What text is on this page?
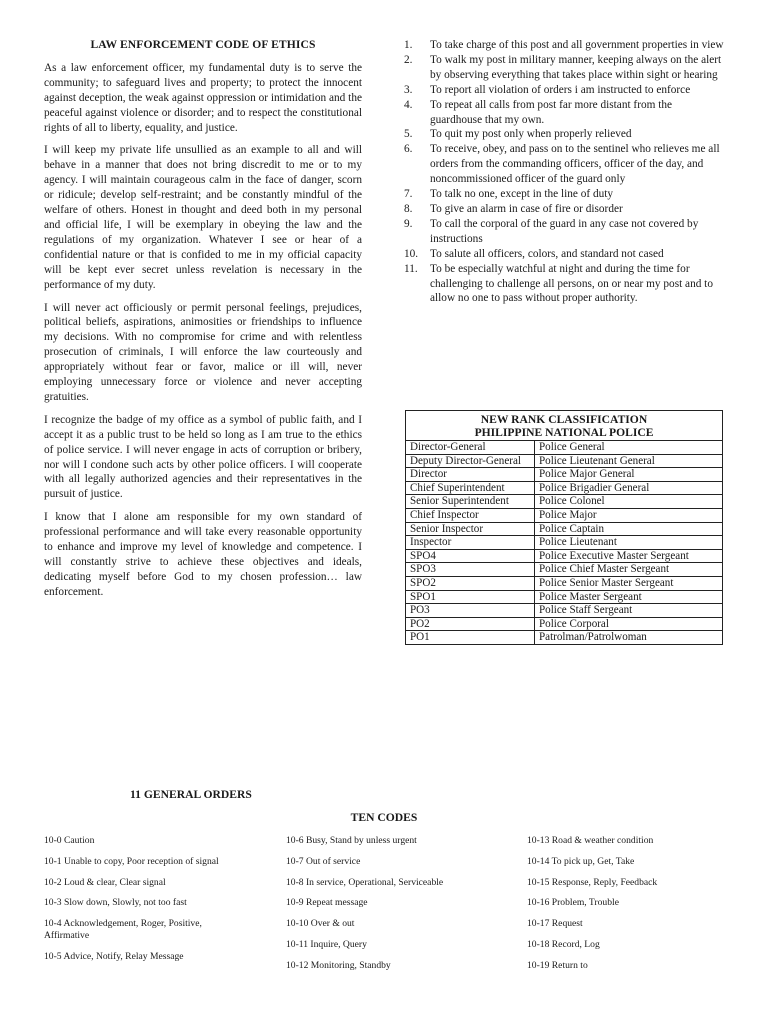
LAW ENFORCEMENT CODE OF ETHICS

As a law enforcement officer, my fundamental duty is to serve the community; to safeguard lives and property; to protect the innocent against deception, the weak against oppression or intimidation and the peaceful against violence or disorder; and to respect the constitutional rights of all to liberty, equality, and justice.

I will keep my private life unsullied as an example to all and will behave in a manner that does not bring discredit to me or to my agency. I will maintain courageous calm in the face of danger, scorn or ridicule; develop self-restraint; and be constantly mindful of the welfare of others. Honest in thought and deed both in my personal and official life, I will be exemplary in obeying the law and the regulations of my organization. Whatever I see or hear of a confidential nature or that is confided to me in my official capacity will be kept ever secret unless revelation is necessary in the performance of my duty.

I will never act officiously or permit personal feelings, prejudices, political beliefs, aspirations, animosities or friendships to influence my decisions. With no compromise for crime and with relentless prosecution of criminals, I will enforce the law courteously and appropriately without fear or favor, malice or ill will, never employing unnecessary force or violence and never accepting gratuities.

I recognize the badge of my office as a symbol of public faith, and I accept it as a public trust to be held so long as I am true to the ethics of police service. I will never engage in acts of corruption or bribery, nor will I condone such acts by other police officers. I will cooperate with all legally authorized agencies and their representatives in the pursuit of justice.

I know that I alone am responsible for my own standard of professional performance and will take every reasonable opportunity to enhance and improve my level of knowledge and competence. I will constantly strive to achieve these objectives and ideals, dedicating myself before God to my chosen profession… law enforcement.

1. To take charge of this post and all government properties in view
2. To walk my post in military manner, keeping always on the alert by observing everything that takes place within sight or hearing
3. To report all violation of orders i am instructed to enforce
4. To repeat all calls from post far more distant from the guardhouse that my own.
5. To quit my post only when properly relieved
6. To receive, obey, and pass on to the sentinel who relieves me all orders from the commanding officers, officer of the day, and noncommissioned officer of the guard only
7. To talk no one, except in the line of duty
8. To give an alarm in case of fire or disorder
9. To call the corporal of the guard in any case not covered by instructions
10. To salute all officers, colors, and standard not cased
11. To be especially watchful at night and during the time for challenging to challenge all persons, on or near my post and to allow no one to pass without proper authority.
NEW RANK CLASSIFICATION
PHILIPPINE NATIONAL POLICE	

Director-General	Police General
Deputy Director-General	Police Lieutenant General
Director	Police Major General
Chief Superintendent	Police Brigadier General
Senior Superintendent	Police Colonel
Chief Inspector	Police Major
Senior Inspector	Police Captain
Inspector	Police Lieutenant
SPO4	Police Executive Master Sergeant
SPO3	Police Chief Master Sergeant
SPO2	Police Senior Master Sergeant
SPO1	Police Master Sergeant
PO3	Police Staff Sergeant
PO2	Police Corporal
PO1	Patrolman/Patrolwoman
11 GENERAL ORDERS
TEN CODES
10-0 Caution
10-1 Unable to copy, Poor reception of signal
10-2 Loud & clear, Clear signal
10-3 Slow down, Slowly, not too fast
10-4 Acknowledgement, Roger, Positive, Affirmative
10-5 Advice, Notify, Relay Message
10-6 Busy, Stand by unless urgent
10-7 Out of service
10-8 In service, Operational, Serviceable
10-9 Repeat message
10-10 Over & out
10-11 Inquire, Query
10-12 Monitoring, Standby
10-13 Road & weather condition
10-14 To pick up, Get, Take
10-15 Response, Reply, Feedback
10-16 Problem, Trouble
10-17 Request
10-18 Record, Log
10-19 Return to
